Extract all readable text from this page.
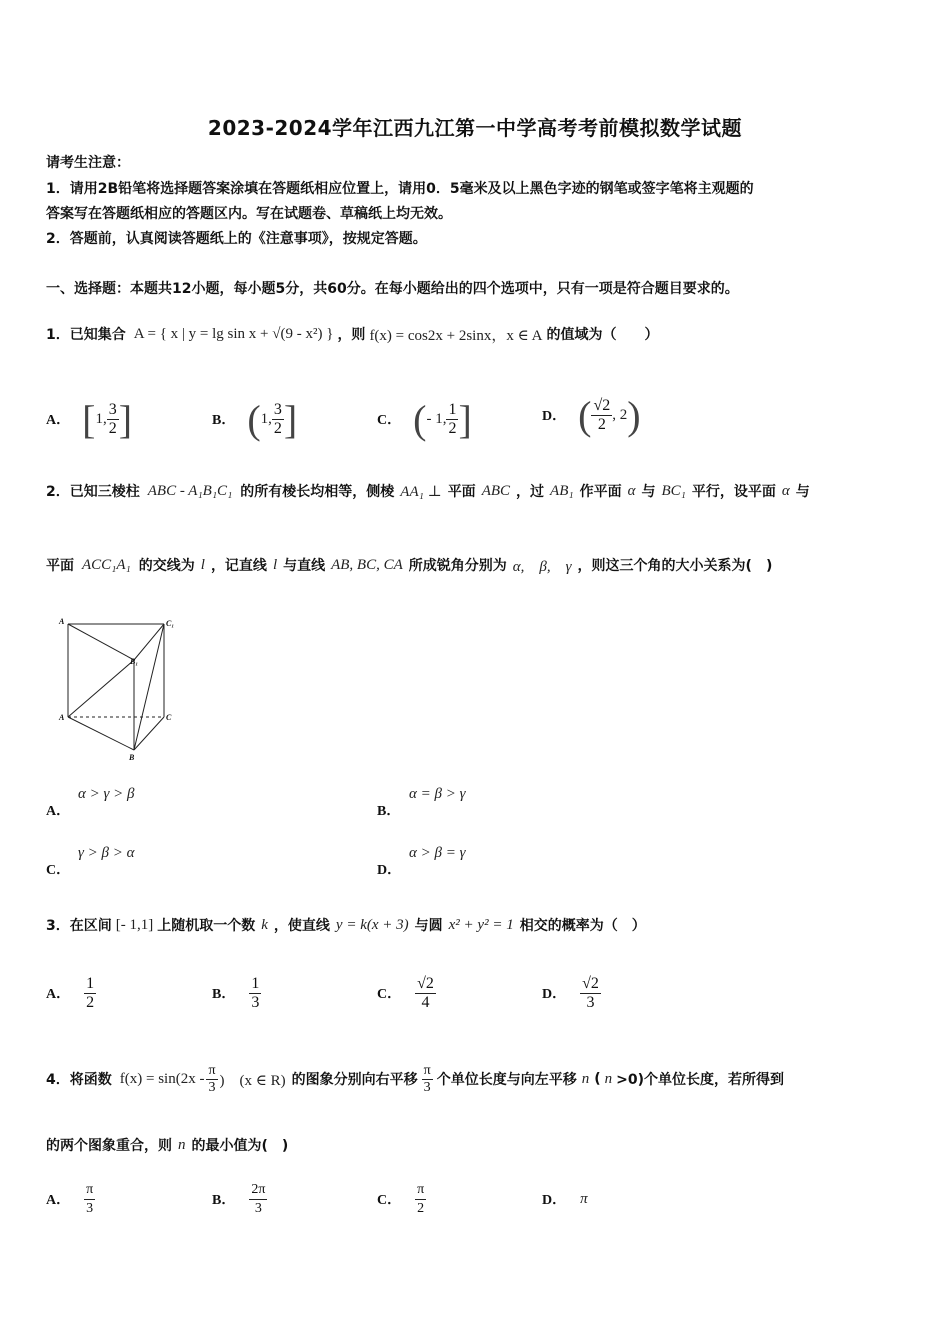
2023-2024学年江西九江第一中学高考考前模拟数学试题
请考生注意：
1．请用2B铅笔将选择题答案涂填在答题纸相应位置上，请用0．5毫米及以上黑色字迹的钢笔或签字笔将主观题的
答案写在答题纸相应的答题区内。写在试题卷、草稿纸上均无效。
2．答题前，认真阅读答题纸上的《注意事项》，按规定答题。
一、选择题：本题共12小题，每小题5分，共60分。在每小题给出的四个选项中，只有一项是符合题目要求的。
1．已知集合 A = { x | y = lg sin x + √(9 - x²) } ，则 f(x) = cos2x + 2sinx，x ∈ A 的值域为（　　）
A． [ 1, $\frac{3}{2}$ ]	B． ( 1, $\frac{3}{2}$ ]	C． ( - 1, $\frac{1}{2}$ ]	D． ( $\frac{√2}{2}$ , 2 )
2．已知三棱柱 ABC - A₁B₁C₁ 的所有棱长均相等，侧棱 AA₁ ⊥ 平面 ABC ，过 AB₁ 作平面 α 与 BC₁ 平行，设平面 α 与
平面 ACC₁A₁ 的交线为 l ，记直线 l 与直线 AB, BC, CA 所成锐角分别为 α,　β,　γ ，则这三个角的大小关系为(　)
A	C₁
B₁
A	C
B
A．
α > γ > β
B．
α = β > γ
C．
γ > β > α
D．
α > β = γ
3．在区间 [- 1,1] 上随机取一个数 k ，使直线 y = k(x + 3) 与圆 x² + y² = 1 相交的概率为（　）
A． $\frac{1}{2}$	B． $\frac{1}{3}$	C． $\frac{√2}{4}$	D． $\frac{√2}{3}$
4．将函数 $f(x) = \sin(2x - \frac{\pi}{3}$ )　(x ∈ R) 的图象分别向右平移 $\frac{\pi}{3}$ 个单位长度与向左平移 n ( n >0)个单位长度，若所得到
的两个图象重合，则 n 的最小值为(　)
A． $\frac{\pi}{3}$	B． $\frac{2\pi}{3}$	C． $\frac{\pi}{2}$	D． π
